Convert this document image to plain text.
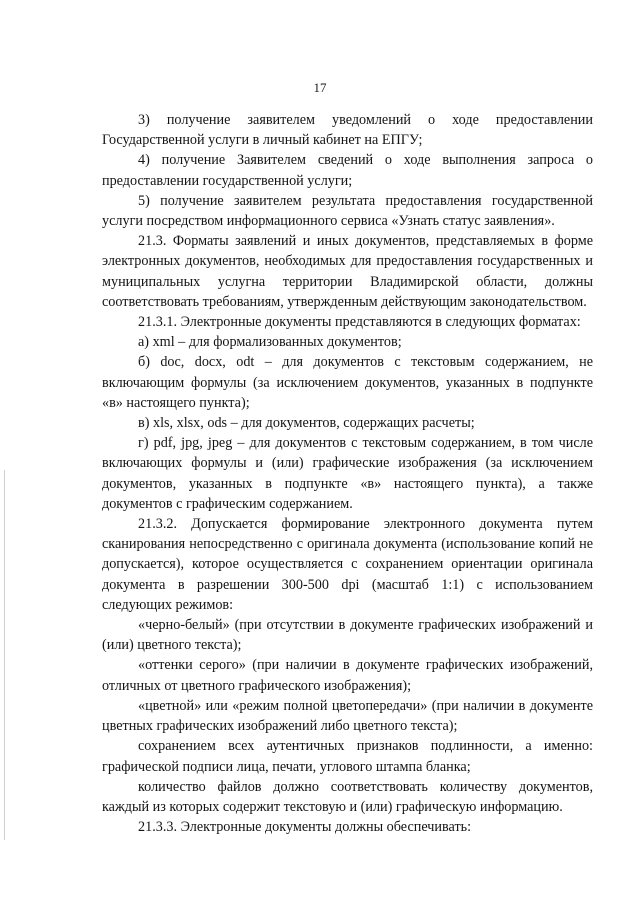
17

3) получение заявителем уведомлений о ходе предоставлении Государственной услуги в личный кабинет на ЕПГУ;

4) получение Заявителем сведений о ходе выполнения запроса о предоставлении государственной услуги;

5) получение заявителем результата предоставления государственной услуги посредством информационного сервиса «Узнать статус заявления».

21.3. Форматы заявлений и иных документов, представляемых в форме электронных документов, необходимых для предоставления государственных и муниципальных услугна территории Владимирской области, должны соответствовать требованиям, утвержденным действующим законодательством.

21.3.1. Электронные документы представляются в следующих форматах:

а) xml – для формализованных документов;

б) doc, docx, odt – для документов с текстовым содержанием, не включающим формулы (за исключением документов, указанных в подпункте «в» настоящего пункта);

в) xls, xlsx, ods – для документов, содержащих расчеты;

г) pdf, jpg, jpeg – для документов с текстовым содержанием, в том числе включающих формулы и (или) графические изображения (за исключением документов, указанных в подпункте «в» настоящего пункта), а также документов с графическим содержанием.

21.3.2. Допускается формирование электронного документа путем сканирования непосредственно с оригинала документа (использование копий не допускается), которое осуществляется с сохранением ориентации оригинала документа в разрешении 300-500 dpi (масштаб 1:1) с использованием следующих режимов:

«черно-белый» (при отсутствии в документе графических изображений и (или) цветного текста);

«оттенки серого» (при наличии в документе графических изображений, отличных от цветного графического изображения);

«цветной» или «режим полной цветопередачи» (при наличии в документе цветных графических изображений либо цветного текста);

сохранением всех аутентичных признаков подлинности, а именно: графической подписи лица, печати, углового штампа бланка;

количество файлов должно соответствовать количеству документов, каждый из которых содержит текстовую и (или) графическую информацию.

21.3.3. Электронные документы должны обеспечивать:
